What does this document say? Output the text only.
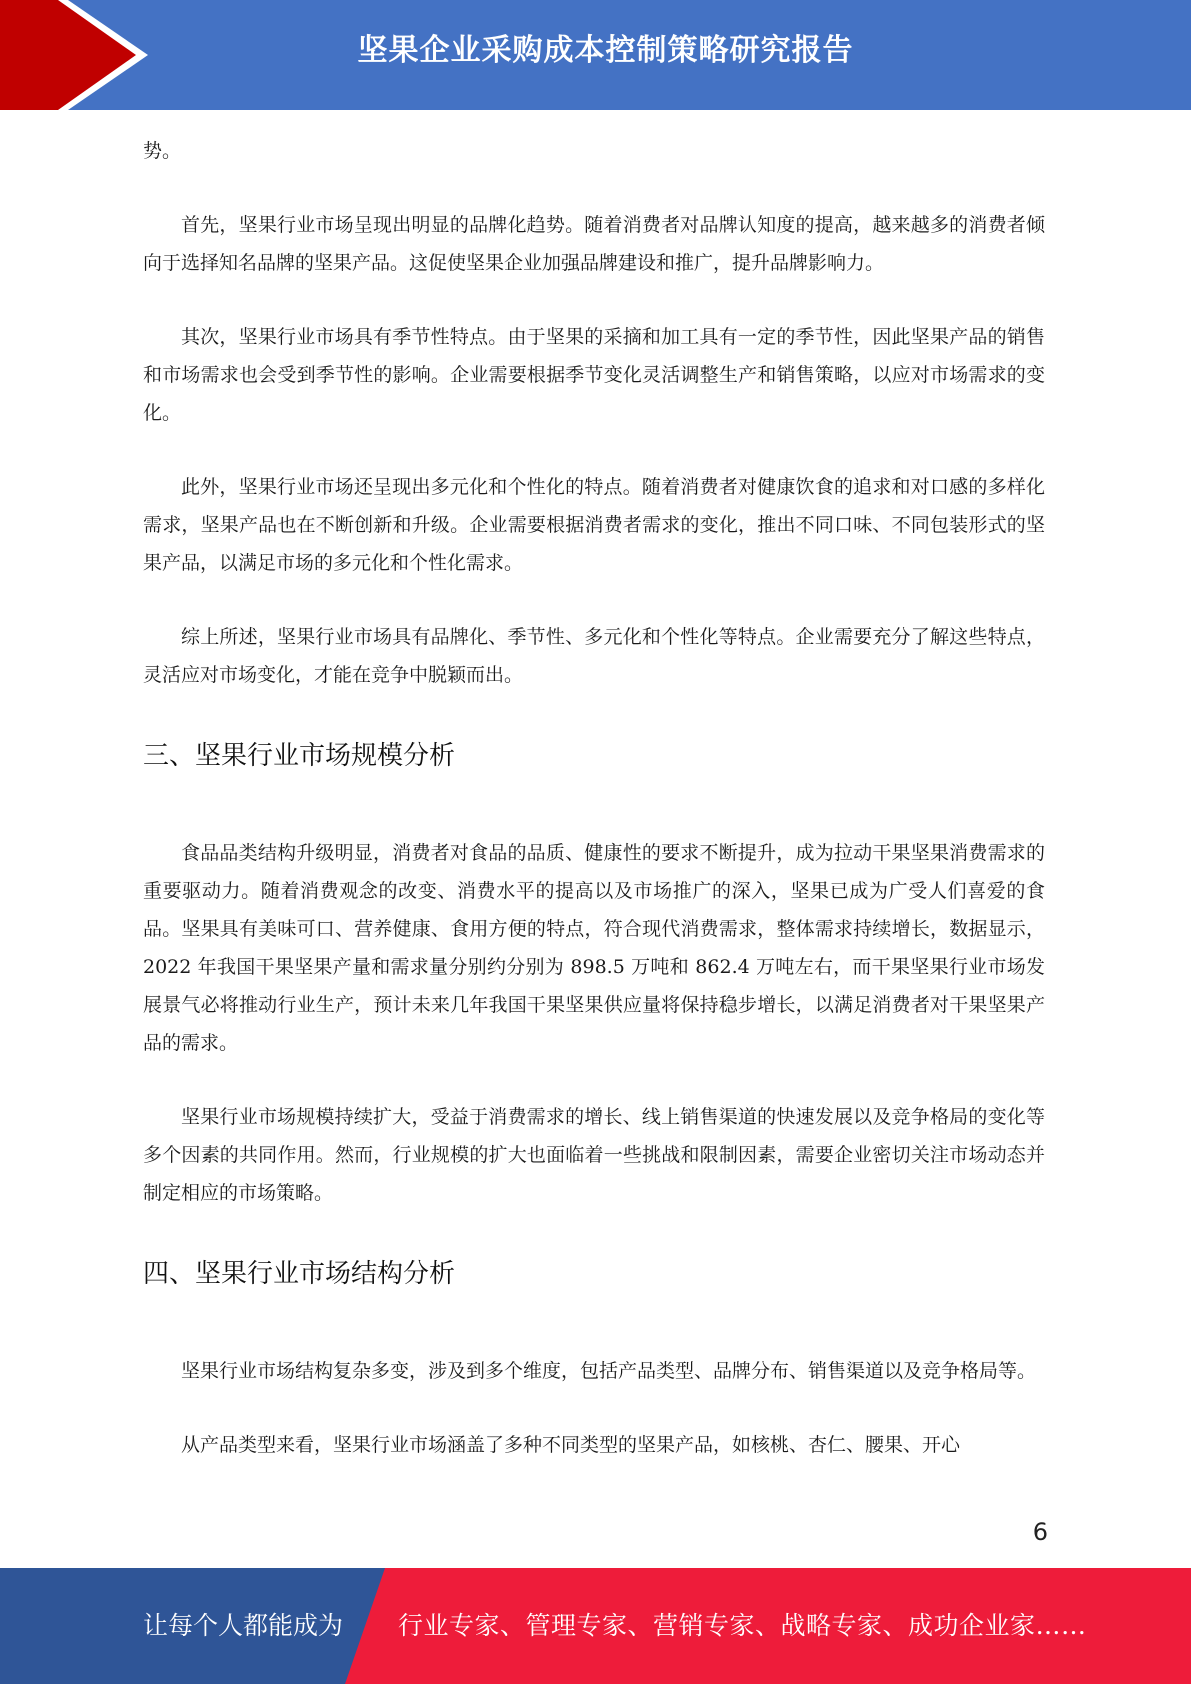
坚果企业采购成本控制策略研究报告

势。

首先，坚果行业市场呈现出明显的品牌化趋势。随着消费者对品牌认知度的提高，越来越多的消费者倾向于选择知名品牌的坚果产品。这促使坚果企业加强品牌建设和推广，提升品牌影响力。

其次，坚果行业市场具有季节性特点。由于坚果的采摘和加工具有一定的季节性，因此坚果产品的销售和市场需求也会受到季节性的影响。企业需要根据季节变化灵活调整生产和销售策略，以应对市场需求的变化。

此外，坚果行业市场还呈现出多元化和个性化的特点。随着消费者对健康饮食的追求和对口感的多样化需求，坚果产品也在不断创新和升级。企业需要根据消费者需求的变化，推出不同口味、不同包装形式的坚果产品，以满足市场的多元化和个性化需求。

综上所述，坚果行业市场具有品牌化、季节性、多元化和个性化等特点。企业需要充分了解这些特点，灵活应对市场变化，才能在竞争中脱颖而出。

三、坚果行业市场规模分析

食品品类结构升级明显，消费者对食品的品质、健康性的要求不断提升，成为拉动干果坚果消费需求的重要驱动力。随着消费观念的改变、消费水平的提高以及市场推广的深入，坚果已成为广受人们喜爱的食品。坚果具有美味可口、营养健康、食用方便的特点，符合现代消费需求，整体需求持续增长，数据显示，2022 年我国干果坚果产量和需求量分别约分别为 898.5 万吨和 862.4 万吨左右，而干果坚果行业市场发展景气必将推动行业生产，预计未来几年我国干果坚果供应量将保持稳步增长，以满足消费者对干果坚果产品的需求。

坚果行业市场规模持续扩大，受益于消费需求的增长、线上销售渠道的快速发展以及竞争格局的变化等多个因素的共同作用。然而，行业规模的扩大也面临着一些挑战和限制因素，需要企业密切关注市场动态并制定相应的市场策略。

四、坚果行业市场结构分析

坚果行业市场结构复杂多变，涉及到多个维度，包括产品类型、品牌分布、销售渠道以及竞争格局等。

从产品类型来看，坚果行业市场涵盖了多种不同类型的坚果产品，如核桃、杏仁、腰果、开心

6
让每个人都能成为 行业专家、管理专家、营销专家、战略专家、成功企业家……
